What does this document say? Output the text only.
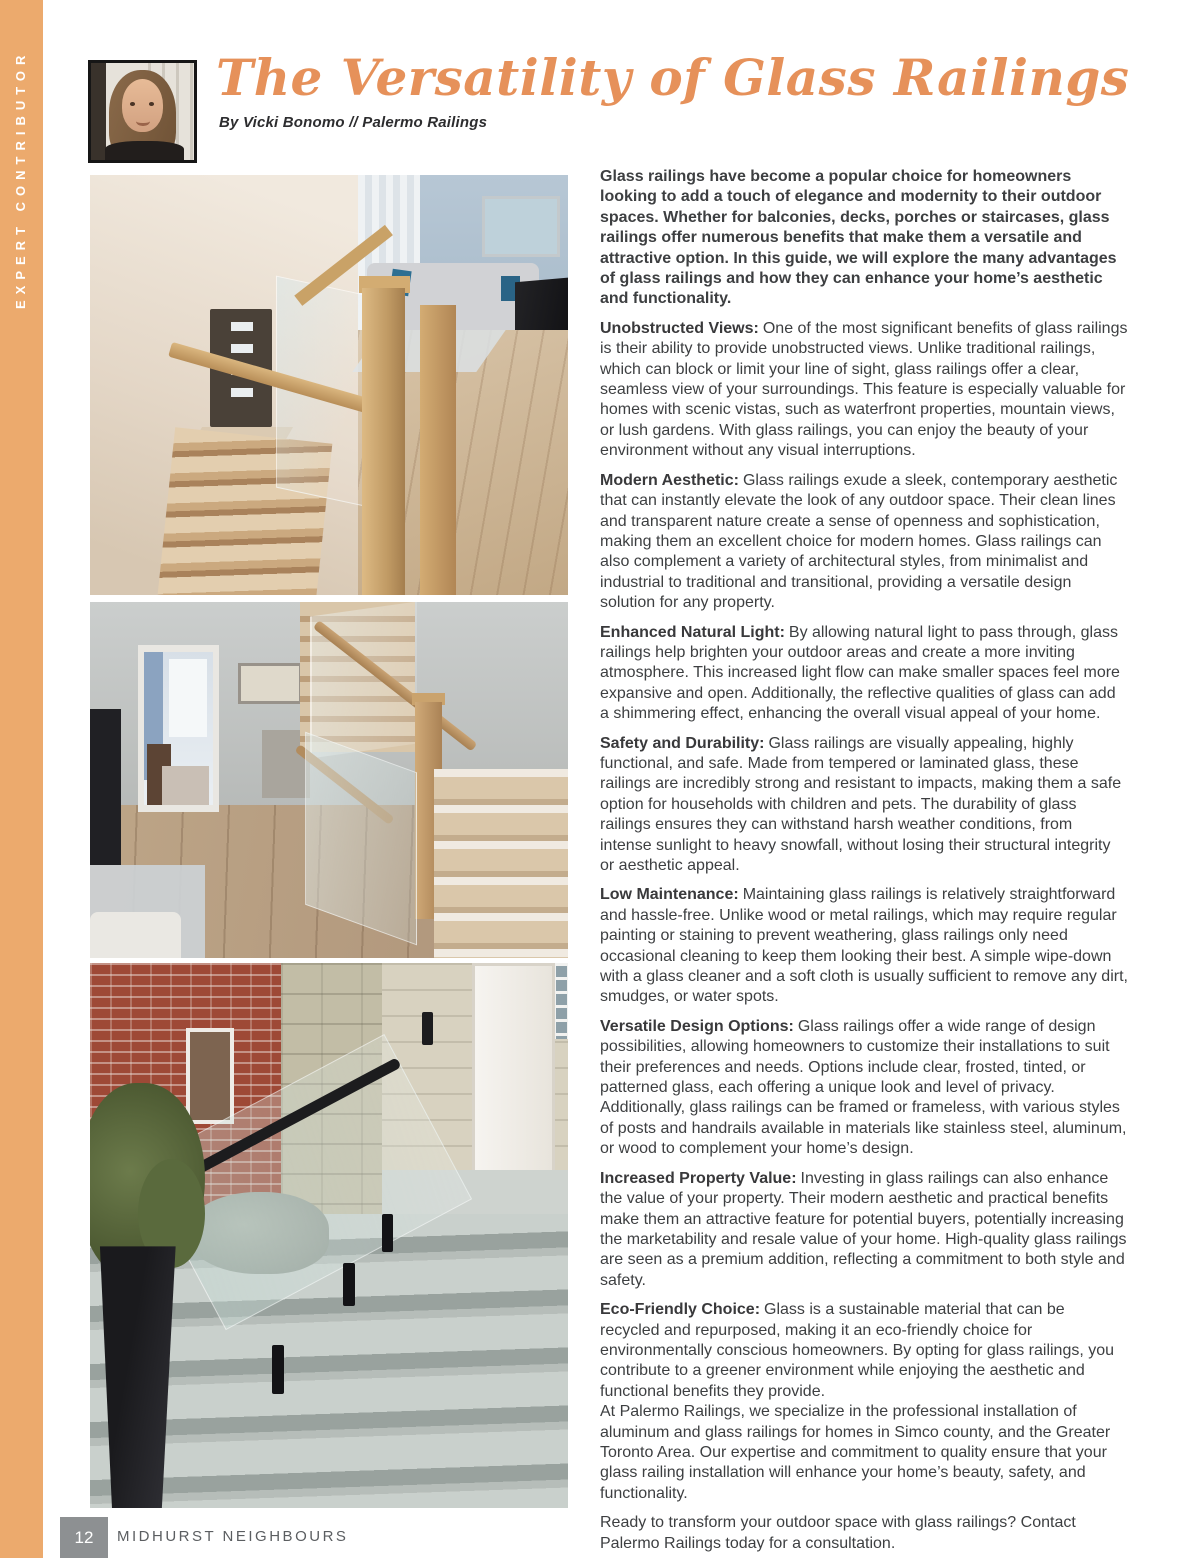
EXPERT CONTRIBUTOR	The Versatility of Glass Railings
By Vicki Bonomo // Palermo Railings

Glass railings have become a popular choice for homeowners looking to add a touch of elegance and modernity to their outdoor spaces. Whether for balconies, decks, porches or staircases, glass railings offer numerous benefits that make them a versatile and attractive option. In this guide, we will explore the many advantages of glass railings and how they can enhance your home’s aesthetic and functionality.

Unobstructed Views: One of the most significant benefits of glass railings is their ability to provide unobstructed views. Unlike traditional railings, which can block or limit your line of sight, glass railings offer a clear, seamless view of your surroundings. This feature is especially valuable for homes with scenic vistas, such as waterfront properties, mountain views, or lush gardens. With glass railings, you can enjoy the beauty of your environment without any visual interruptions.

Modern Aesthetic: Glass railings exude a sleek, contemporary aesthetic that can instantly elevate the look of any outdoor space. Their clean lines and transparent nature create a sense of openness and sophistication, making them an excellent choice for modern homes. Glass railings can also complement a variety of architectural styles, from minimalist and industrial to traditional and transitional, providing a versatile design solution for any property.

Enhanced Natural Light: By allowing natural light to pass through, glass railings help brighten your outdoor areas and create a more inviting atmosphere. This increased light flow can make smaller spaces feel more expansive and open. Additionally, the reflective qualities of glass can add a shimmering effect, enhancing the overall visual appeal of your home.

Safety and Durability: Glass railings are visually appealing, highly functional, and safe. Made from tempered or laminated glass, these railings are incredibly strong and resistant to impacts, making them a safe option for households with children and pets. The durability of glass railings ensures they can withstand harsh weather conditions, from intense sunlight to heavy snowfall, without losing their structural integrity or aesthetic appeal.

Low Maintenance: Maintaining glass railings is relatively straightforward and hassle-free. Unlike wood or metal railings, which may require regular painting or staining to prevent weathering, glass railings only need occasional cleaning to keep them looking their best. A simple wipe-down with a glass cleaner and a soft cloth is usually sufficient to remove any dirt, smudges, or water spots.

Versatile Design Options: Glass railings offer a wide range of design possibilities, allowing homeowners to customize their installations to suit their preferences and needs. Options include clear, frosted, tinted, or patterned glass, each offering a unique look and level of privacy. Additionally, glass railings can be framed or frameless, with various styles of posts and handrails available in materials like stainless steel, aluminum, or wood to complement your home’s design.

Increased Property Value: Investing in glass railings can also enhance the value of your property. Their modern aesthetic and practical benefits make them an attractive feature for potential buyers, potentially increasing the marketability and resale value of your home. High-quality glass railings are seen as a premium addition, reflecting a commitment to both style and safety.

Eco-Friendly Choice: Glass is a sustainable material that can be recycled and repurposed, making it an eco-friendly choice for environmentally conscious homeowners. By opting for glass railings, you contribute to a greener environment while enjoying the aesthetic and functional benefits they provide.

At Palermo Railings, we specialize in the professional installation of aluminum and glass railings for homes in Simco county, and the Greater Toronto Area. Our expertise and commitment to quality ensure that your glass railing installation will enhance your home’s beauty, safety, and functionality.

Ready to transform your outdoor space with glass railings? Contact Palermo Railings today for a consultation.

12 MIDHURST NEIGHBOURS
